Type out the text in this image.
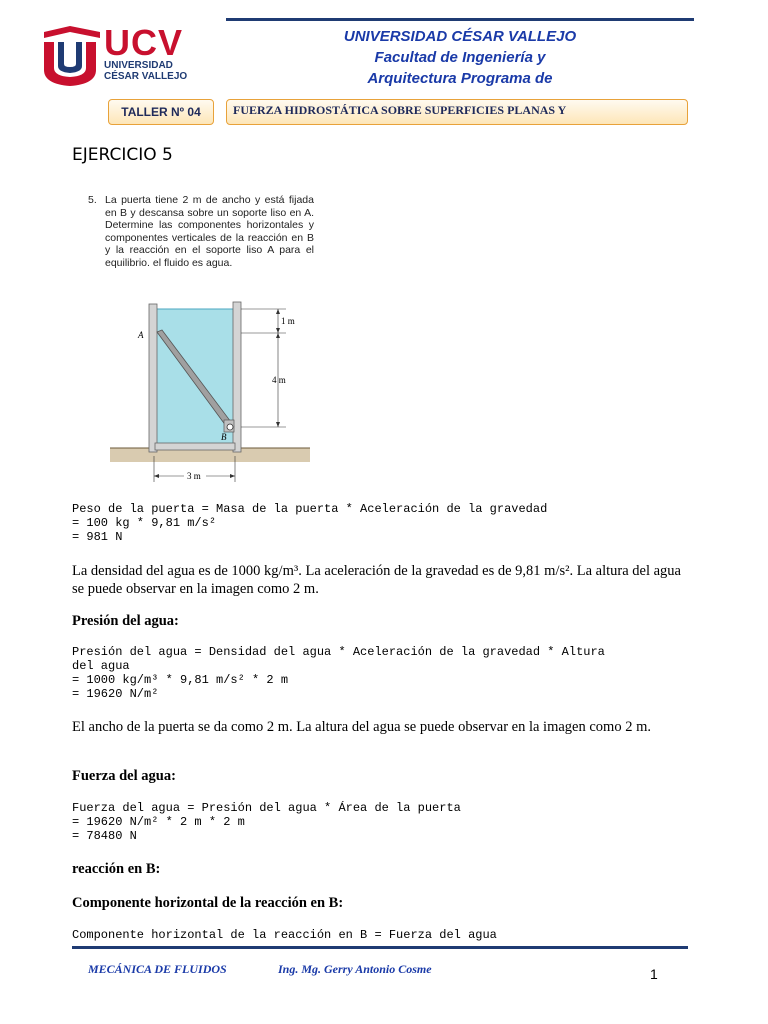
UCV
UNIVERSIDAD
CÉSAR VALLEJO
UNIVERSIDAD CÉSAR VALLEJO
Facultad de Ingeniería y
Arquitectura Programa de
TALLER Nº 04	FUERZA HIDROSTÁTICA SOBRE SUPERFICIES PLANAS Y
EJERCICIO 5
5. La puerta tiene 2 m de ancho y está fijada en B y descansa sobre un soporte liso en A. Determine las componentes horizontales y componentes verticales de la reacción en B y la reacción en el soporte liso A para el equilibrio. el fluido es agua.
A
B
1 m
4 m
3 m
Peso de la puerta = Masa de la puerta * Aceleración de la gravedad
= 100 kg * 9,81 m/s²
= 981 N
La densidad del agua es de 1000 kg/m³. La aceleración de la gravedad es de 9,81 m/s². La altura del agua se puede observar en la imagen como 2 m.
Presión del agua:
Presión del agua = Densidad del agua * Aceleración de la gravedad * Altura
del agua
= 1000 kg/m³ * 9,81 m/s² * 2 m
= 19620 N/m²
El ancho de la puerta se da como 2 m. La altura del agua se puede observar en la imagen como 2 m.
Fuerza del agua:
Fuerza del agua = Presión del agua * Área de la puerta
= 19620 N/m² * 2 m * 2 m
= 78480 N
reacción en B:
Componente horizontal de la reacción en B:
Componente horizontal de la reacción en B = Fuerza del agua
MECÁNICA DE FLUIDOS	Ing. Mg. Gerry Antonio Cosme	1
